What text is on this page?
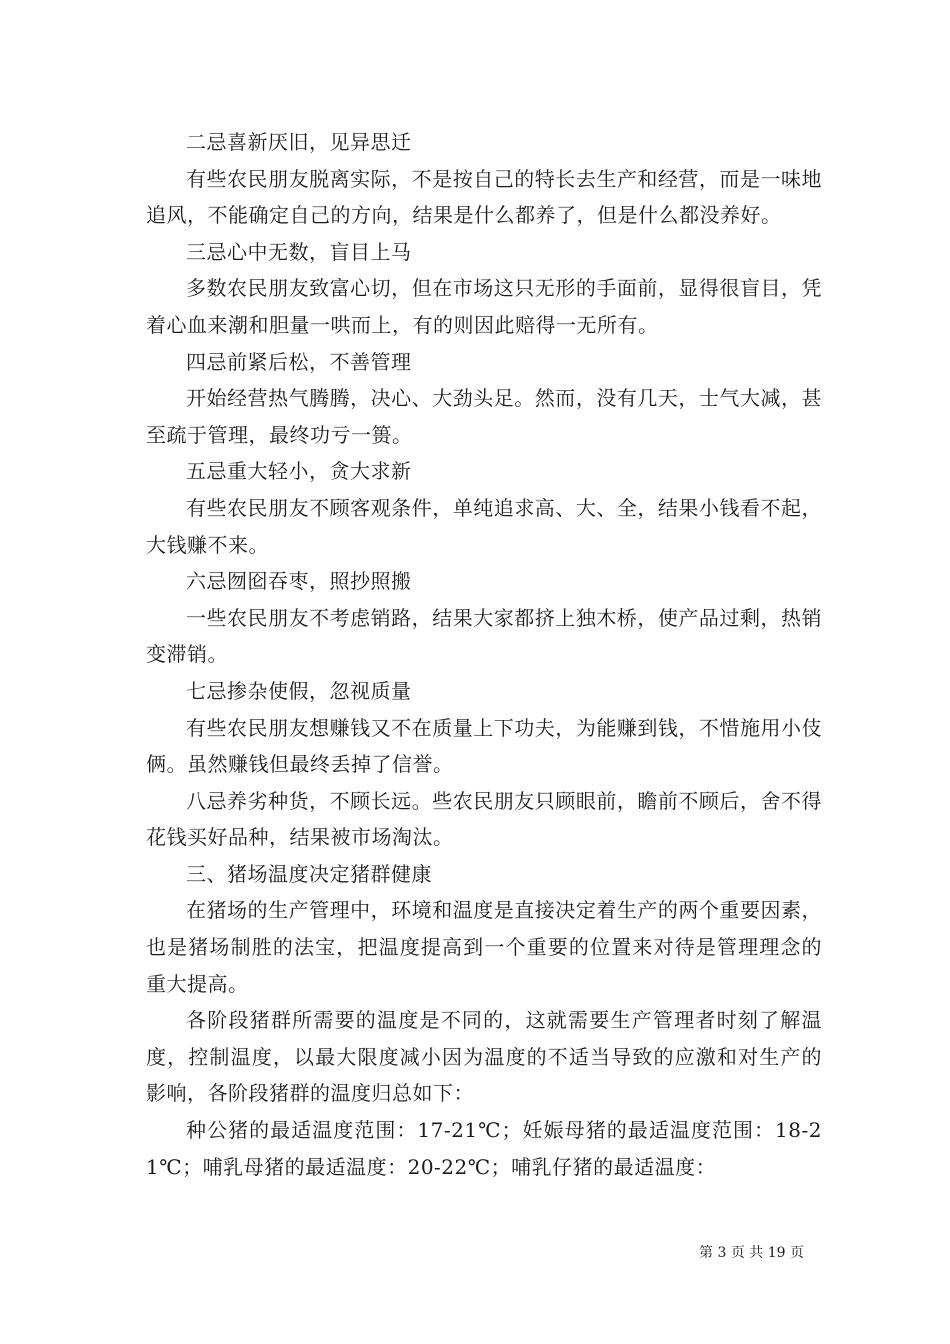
二忌喜新厌旧，见异思迁

有些农民朋友脱离实际，不是按自己的特长去生产和经营，而是一味地追风，不能确定自己的方向，结果是什么都养了，但是什么都没养好。

三忌心中无数，盲目上马

多数农民朋友致富心切，但在市场这只无形的手面前，显得很盲目，凭着心血来潮和胆量一哄而上，有的则因此赔得一无所有。

四忌前紧后松，不善管理

开始经营热气腾腾，决心、大劲头足。然而，没有几天，士气大减，甚至疏于管理，最终功亏一篑。

五忌重大轻小，贪大求新

有些农民朋友不顾客观条件，单纯追求高、大、全，结果小钱看不起，大钱赚不来。

六忌囫囵吞枣，照抄照搬

一些农民朋友不考虑销路，结果大家都挤上独木桥，使产品过剩，热销变滞销。

七忌掺杂使假，忽视质量

有些农民朋友想赚钱又不在质量上下功夫，为能赚到钱，不惜施用小伎俩。虽然赚钱但最终丢掉了信誉。

八忌养劣种货，不顾长远。些农民朋友只顾眼前，瞻前不顾后，舍不得花钱买好品种，结果被市场淘汰。

三、猪场温度决定猪群健康

在猪场的生产管理中，环境和温度是直接决定着生产的两个重要因素，也是猪场制胜的法宝，把温度提高到一个重要的位置来对待是管理理念的重大提高。

各阶段猪群所需要的温度是不同的，这就需要生产管理者时刻了解温度，控制温度，以最大限度减小因为温度的不适当导致的应激和对生产的影响，各阶段猪群的温度归总如下：

种公猪的最适温度范围：17-21℃；妊娠母猪的最适温度范围：18-21℃；哺乳母猪的最适温度：20-22℃；哺乳仔猪的最适温度：

第 3 页 共 19 页
